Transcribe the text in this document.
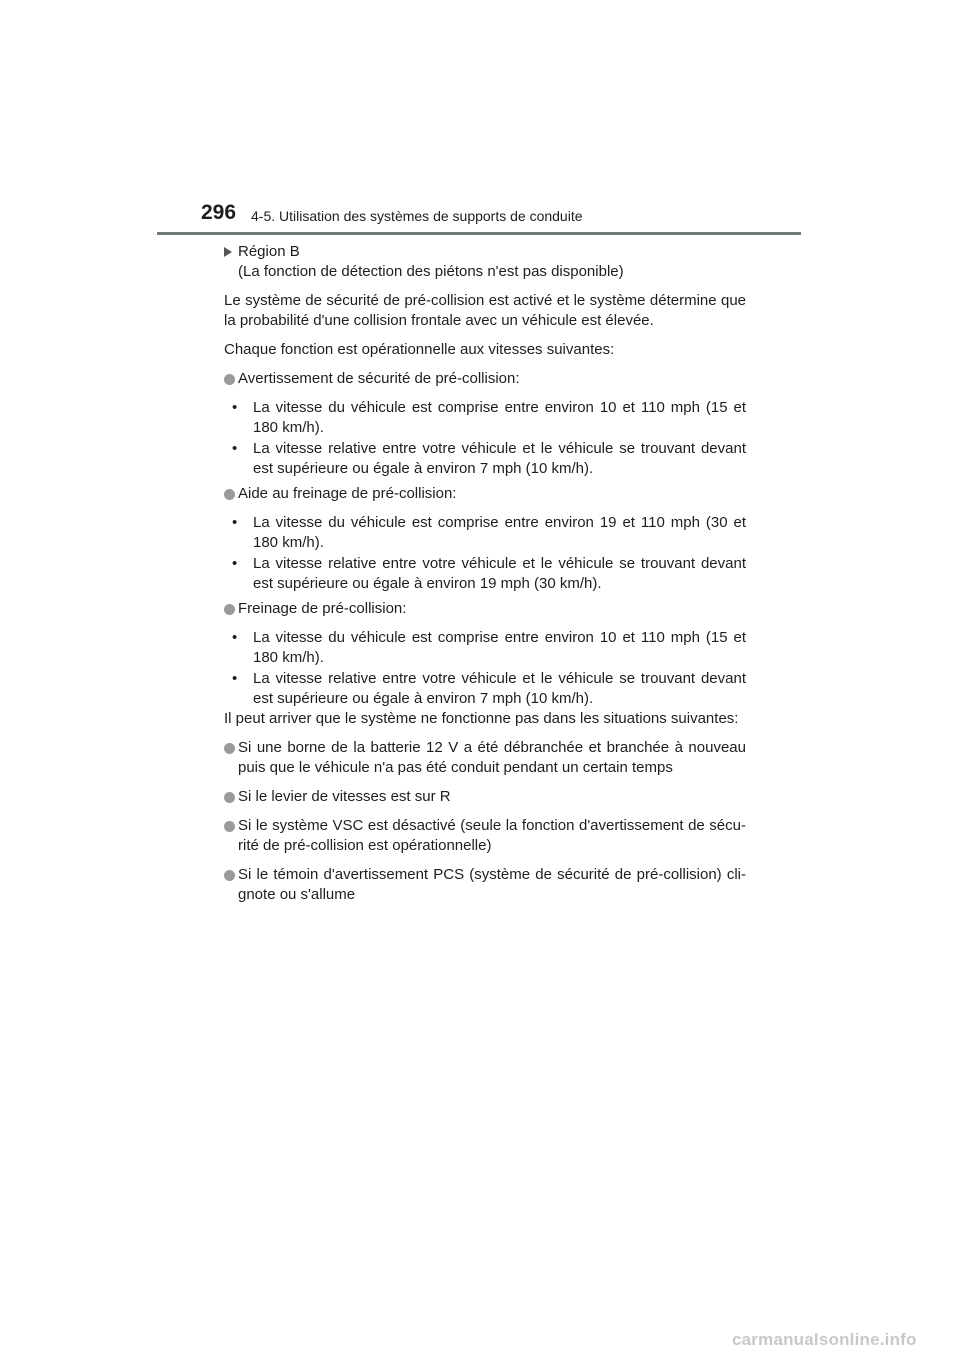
296 4-5. Utilisation des systèmes de supports de conduite

Région B

(La fonction de détection des piétons n'est pas disponible)

Le système de sécurité de pré-collision est activé et le système détermine que la probabilité d'une collision frontale avec un véhicule est élevée.

Chaque fonction est opérationnelle aux vitesses suivantes:

Avertissement de sécurité de pré-collision:

• La vitesse du véhicule est comprise entre environ 10 et 110 mph (15 et 180 km/h).

• La vitesse relative entre votre véhicule et le véhicule se trouvant devant est supérieure ou égale à environ 7 mph (10 km/h).

Aide au freinage de pré-collision:

• La vitesse du véhicule est comprise entre environ 19 et 110 mph (30 et 180 km/h).

• La vitesse relative entre votre véhicule et le véhicule se trouvant devant est supérieure ou égale à environ 19 mph (30 km/h).

Freinage de pré-collision:

• La vitesse du véhicule est comprise entre environ 10 et 110 mph (15 et 180 km/h).

• La vitesse relative entre votre véhicule et le véhicule se trouvant devant est supérieure ou égale à environ 7 mph (10 km/h).

Il peut arriver que le système ne fonctionne pas dans les situations suivantes:

Si une borne de la batterie 12 V a été débranchée et branchée à nouveau puis que le véhicule n'a pas été conduit pendant un certain temps

Si le levier de vitesses est sur R

Si le système VSC est désactivé (seule la fonction d'avertissement de sécu-rité de pré-collision est opérationnelle)

Si le témoin d'avertissement PCS (système de sécurité de pré-collision) cli-gnote ou s'allume

carmanualsonline.info
